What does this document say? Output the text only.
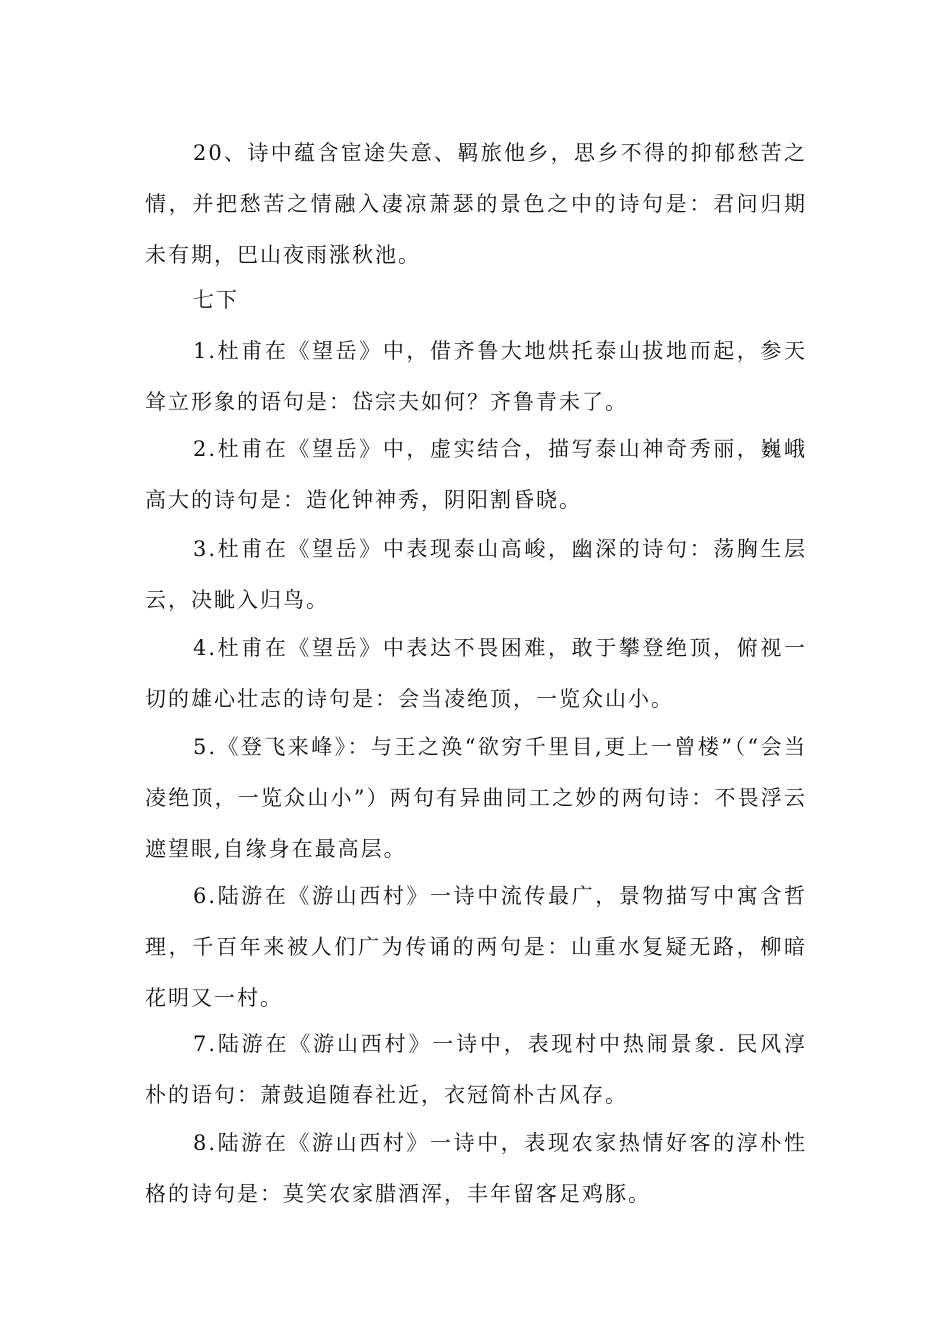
20、诗中蕴含宦途失意、羁旅他乡，思乡不得的抑郁愁苦之情，并把愁苦之情融入凄凉萧瑟的景色之中的诗句是：君问归期未有期，巴山夜雨涨秋池。

七下

1.杜甫在《望岳》中，借齐鲁大地烘托泰山拔地而起，参天耸立形象的语句是：岱宗夫如何？齐鲁青未了。

2.杜甫在《望岳》中，虚实结合，描写泰山神奇秀丽，巍峨高大的诗句是：造化钟神秀，阴阳割昏晓。

3.杜甫在《望岳》中表现泰山高峻，幽深的诗句：荡胸生层云，决眦入归鸟。

4.杜甫在《望岳》中表达不畏困难，敢于攀登绝顶，俯视一切的雄心壮志的诗句是：会当凌绝顶，一览众山小。

5.《登飞来峰》：与王之涣“欲穷千里目,更上一曾楼”（“会当凌绝顶，一览众山小”）两句有异曲同工之妙的两句诗：不畏浮云遮望眼,自缘身在最高层。

6.陆游在《游山西村》一诗中流传最广，景物描写中寓含哲理，千百年来被人们广为传诵的两句是：山重水复疑无路，柳暗花明又一村。

7.陆游在《游山西村》一诗中，表现村中热闹景象. 民风淳朴的语句：萧鼓追随春社近，衣冠简朴古风存。

8.陆游在《游山西村》一诗中，表现农家热情好客的淳朴性格的诗句是：莫笑农家腊酒浑，丰年留客足鸡豚。
